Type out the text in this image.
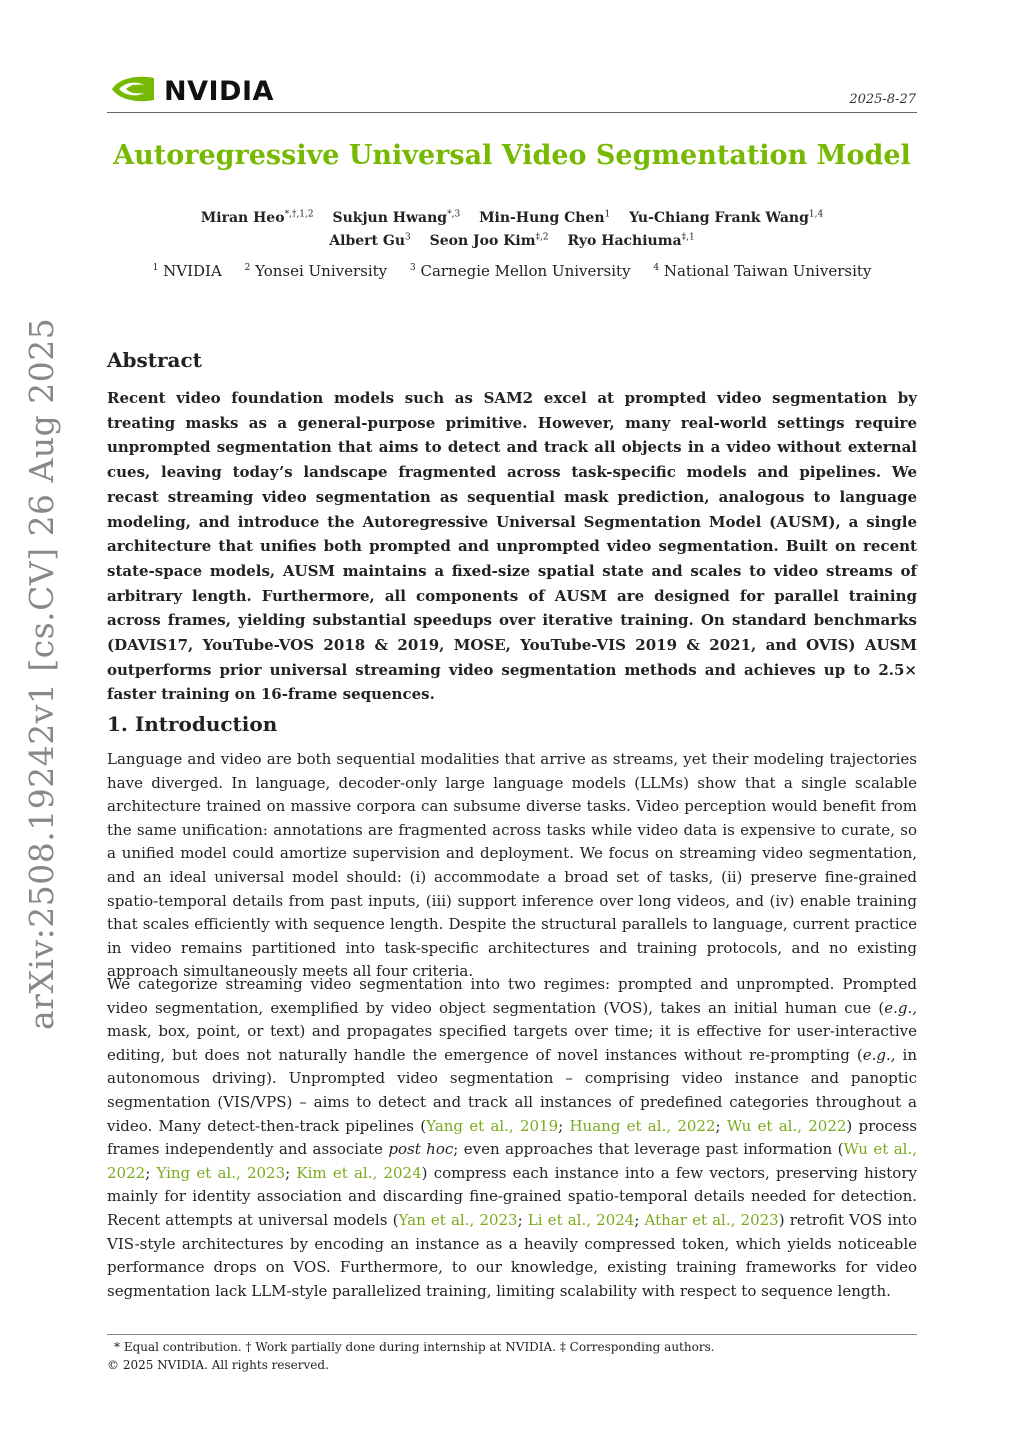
NVIDIA	2025-8-27
Autoregressive Universal Video Segmentation Model
Miran Heo$^{*,\dagger,1,2}$ Sukjun Hwang$^{*,3}$ Min-Hung Chen$^1$ Yu-Chiang Frank Wang$^{1,4}$
Albert Gu$^3$ Seon Joo Kim$^{\ddagger,2}$ Ryo Hachiuma$^{\ddagger,1}$
$^1$ NVIDIA	$^2$ Yonsei University	$^3$ Carnegie Mellon University	$^4$ National Taiwan University
Abstract
Recent video foundation models such as SAM2 excel at prompted video segmentation by treating masks as a general-purpose primitive. However, many real-world settings require unprompted segmentation that aims to detect and track all objects in a video without external cues, leaving today’s landscape fragmented across task-specific models and pipelines. We recast streaming video segmentation as sequential mask prediction, analogous to language modeling, and introduce the Autoregressive Universal Segmentation Model (AUSM), a single architecture that unifies both prompted and unprompted video segmentation. Built on recent state-space models, AUSM maintains a fixed-size spatial state and scales to video streams of arbitrary length. Furthermore, all components of AUSM are designed for parallel training across frames, yielding substantial speedups over iterative training. On standard benchmarks (DAVIS17, YouTube-VOS 2018 & 2019, MOSE, YouTube-VIS 2019 & 2021, and OVIS) AUSM outperforms prior universal streaming video segmentation methods and achieves up to 2.5× faster training on 16-frame sequences.
1. Introduction
Language and video are both sequential modalities that arrive as streams, yet their modeling trajectories have diverged. In language, decoder-only large language models (LLMs) show that a single scalable architecture trained on massive corpora can subsume diverse tasks. Video perception would benefit from the same unification: annotations are fragmented across tasks while video data is expensive to curate, so a unified model could amortize supervision and deployment. We focus on streaming video segmentation, and an ideal universal model should: (i) accommodate a broad set of tasks, (ii) preserve fine-grained spatio-temporal details from past inputs, (iii) support inference over long videos, and (iv) enable training that scales efficiently with sequence length. Despite the structural parallels to language, current practice in video remains partitioned into task-specific architectures and training protocols, and no existing approach simultaneously meets all four criteria.
We categorize streaming video segmentation into two regimes: prompted and unprompted. Prompted video segmentation, exemplified by video object segmentation (VOS), takes an initial human cue (e.g., mask, box, point, or text) and propagates specified targets over time; it is effective for user-interactive editing, but does not naturally handle the emergence of novel instances without re-prompting (e.g., in autonomous driving). Unprompted video segmentation – comprising video instance and panoptic segmentation (VIS/VPS) – aims to detect and track all instances of predefined categories throughout a video. Many detect-then-track pipelines (Yang et al., 2019; Huang et al., 2022; Wu et al., 2022) process frames independently and associate post hoc; even approaches that leverage past information (Wu et al., 2022; Ying et al., 2023; Kim et al., 2024) compress each instance into a few vectors, preserving history mainly for identity association and discarding fine-grained spatio-temporal details needed for detection. Recent attempts at universal models (Yan et al., 2023; Li et al., 2024; Athar et al., 2023) retrofit VOS into VIS-style architectures by encoding an instance as a heavily compressed token, which yields noticeable performance drops on VOS. Furthermore, to our knowledge, existing training frameworks for video segmentation lack LLM-style parallelized training, limiting scalability with respect to sequence length.
arXiv:2508.19242v1 [cs.CV] 26 Aug 2025
* Equal contribution. † Work partially done during internship at NVIDIA. ‡ Corresponding authors.
© 2025 NVIDIA. All rights reserved.
